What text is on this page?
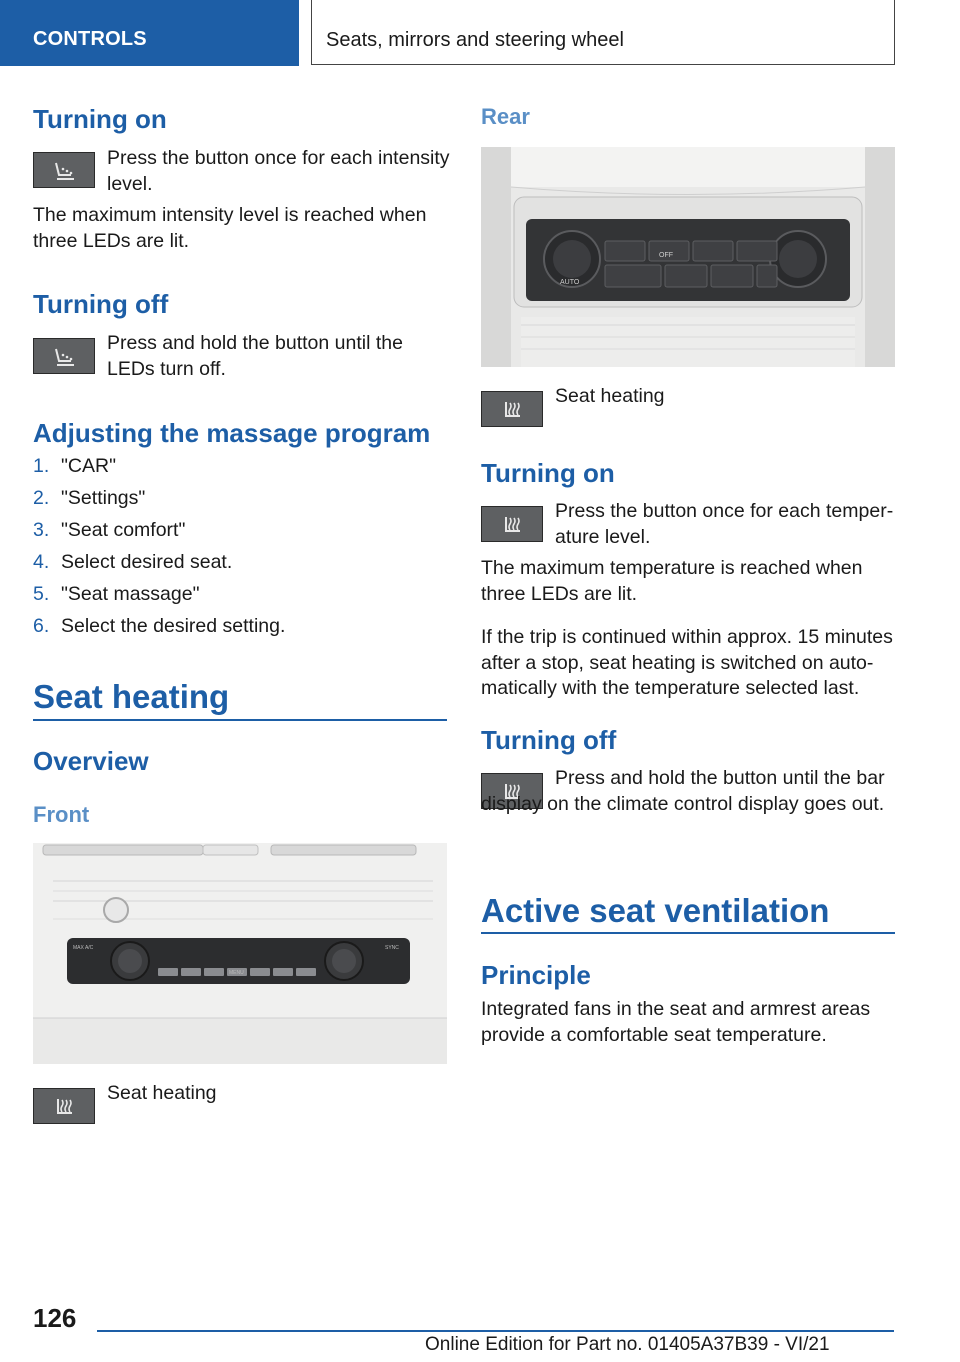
CONTROLS	Seats, mirrors and steering wheel
Turning on

Press the button once for each intensity level.

The maximum intensity level is reached when three LEDs are lit.

Turning off

Press and hold the button until the LEDs turn off.

Adjusting the massage program
1. "CAR"
2. "Settings"
3. "Seat comfort"
4. Select desired seat.
5. "Seat massage"
6. Select the desired setting.
Seat heating
Overview
Front
MAX A/C
MENU
SYNC

Seat heating

Rear
AUTO
OFF

Seat heating

Turning on

Press the button once for each temper‐ature level.

The maximum temperature is reached when three LEDs are lit.

If the trip is continued within approx. 15 minutes after a stop, seat heating is switched on auto‐matically with the temperature selected last.

Turning off

Press and hold the button until the bar display on the climate control display goes out.

Active seat ventilation
Principle

Integrated fans in the seat and armrest areas provide a comfortable seat temperature.

126
Online Edition for Part no. 01405A37B39 - VI/21
